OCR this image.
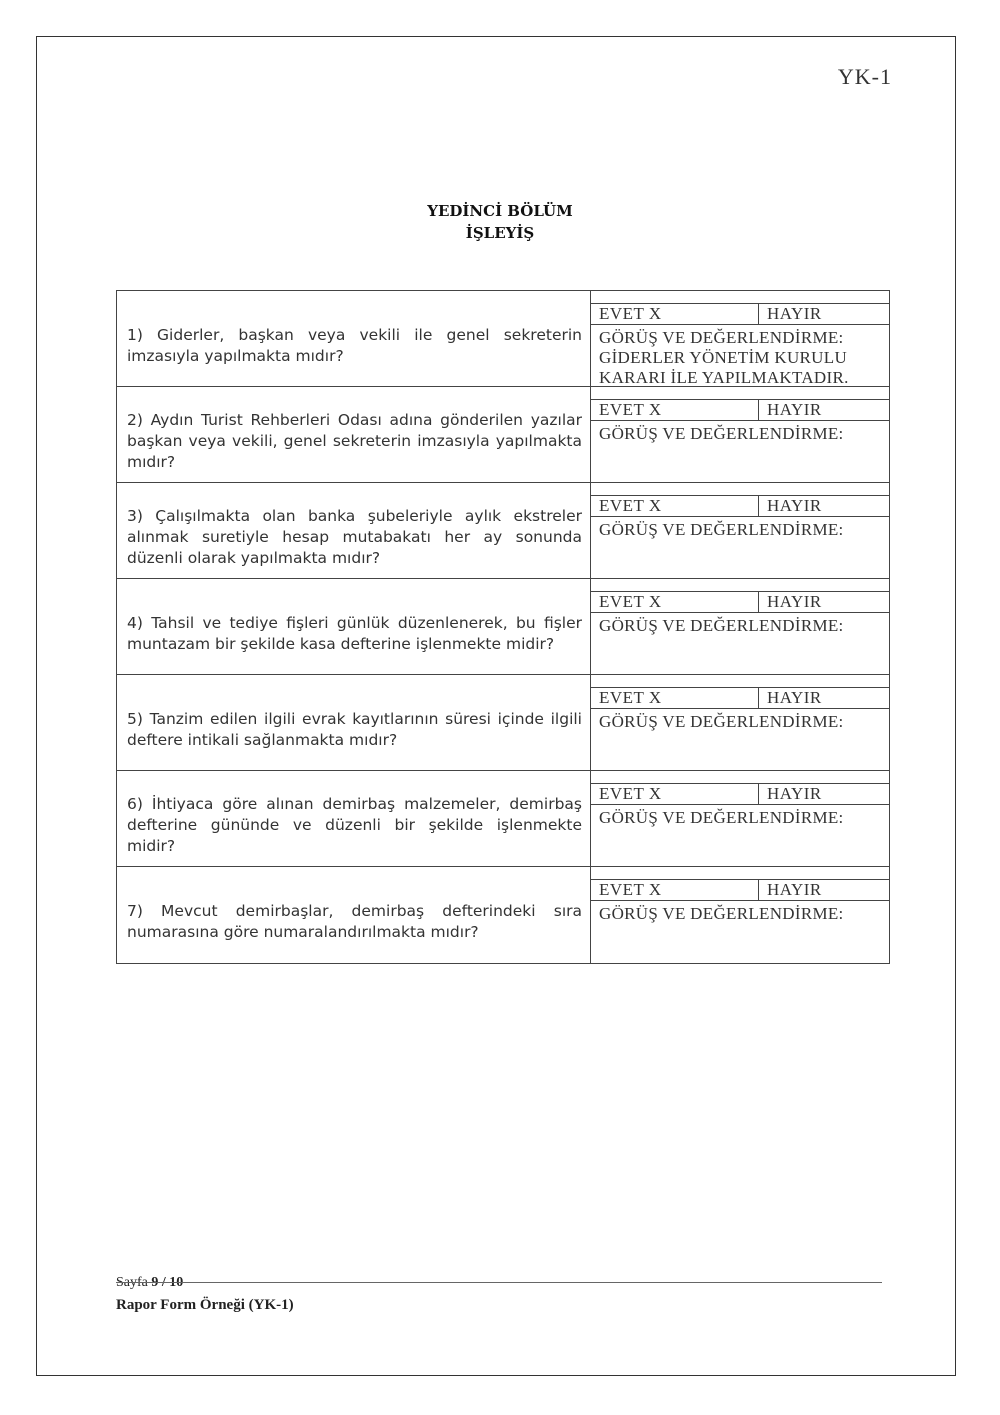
YK-1
YEDİNCİ BÖLÜM
İŞLEYİŞ
1) Giderler, başkan veya vekili ile genel sekreterin imzasıyla yapılmakta mıdır?
EVET X	HAYIR
GÖRÜŞ VE DEĞERLENDİRME:
GİDERLER YÖNETİM KURULU
KARARI İLE YAPILMAKTADIR.
2) Aydın Turist Rehberleri Odası adına gönderilen yazılar başkan veya vekili, genel sekreterin imzasıyla yapılmakta mıdır?
EVET X	HAYIR
GÖRÜŞ VE DEĞERLENDİRME:
3) Çalışılmakta olan banka şubeleriyle aylık ekstreler alınmak suretiyle hesap mutabakatı her ay sonunda düzenli olarak yapılmakta mıdır?
EVET X	HAYIR
GÖRÜŞ VE DEĞERLENDİRME:
4) Tahsil ve tediye fişleri günlük düzenlenerek, bu fişler muntazam bir şekilde kasa defterine işlenmekte midir?
EVET X	HAYIR
GÖRÜŞ VE DEĞERLENDİRME:
5) Tanzim edilen ilgili evrak kayıtlarının süresi içinde ilgili deftere intikali sağlanmakta mıdır?
EVET X	HAYIR
GÖRÜŞ VE DEĞERLENDİRME:
6) İhtiyaca göre alınan demirbaş malzemeler, demirbaş defterine gününde ve düzenli bir şekilde işlenmekte midir?
EVET X	HAYIR
GÖRÜŞ VE DEĞERLENDİRME:
7) Mevcut demirbaşlar, demirbaş defterindeki sıra numarasına göre numaralandırılmakta mıdır?
EVET X	HAYIR
GÖRÜŞ VE DEĞERLENDİRME:
Sayfa 9 / 10
Rapor Form Örneği (YK-1)
